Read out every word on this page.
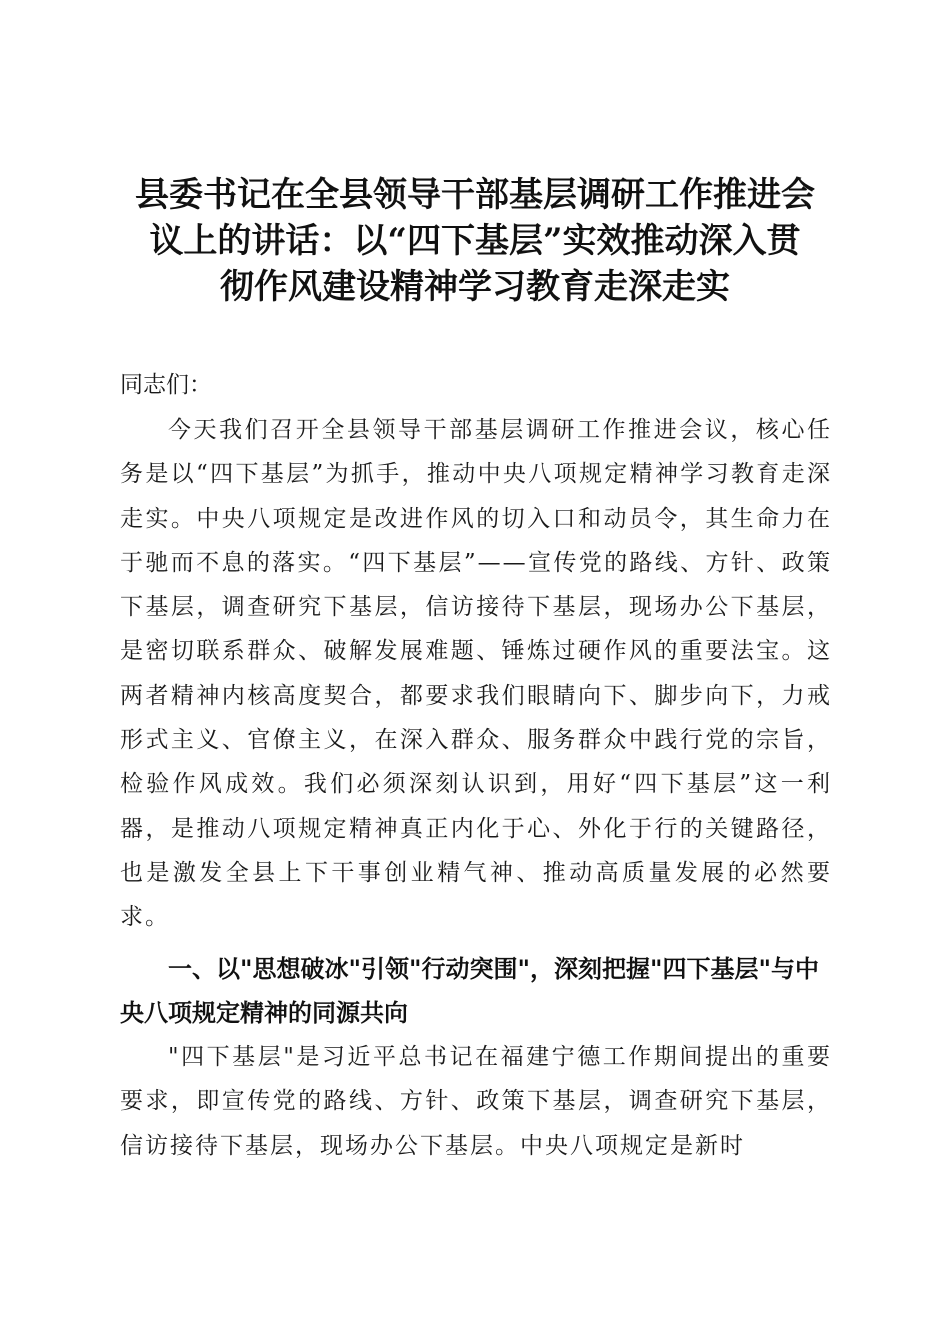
县委书记在全县领导干部基层调研工作推进会
议上的讲话：以“四下基层”实效推动深入贯
彻作风建设精神学习教育走深走实

同志们：

今天我们召开全县领导干部基层调研工作推进会议，核心任务是以“四下基层”为抓手，推动中央八项规定精神学习教育走深走实。中央八项规定是改进作风的切入口和动员令，其生命力在于驰而不息的落实。“四下基层”——宣传党的路线、方针、政策下基层，调查研究下基层，信访接待下基层，现场办公下基层，是密切联系群众、破解发展难题、锤炼过硬作风的重要法宝。这两者精神内核高度契合，都要求我们眼睛向下、脚步向下，力戒形式主义、官僚主义，在深入群众、服务群众中践行党的宗旨，检验作风成效。我们必须深刻认识到，用好“四下基层”这一利器，是推动八项规定精神真正内化于心、外化于行的关键路径，也是激发全县上下干事创业精气神、推动高质量发展的必然要求。

一、以"思想破冰"引领"行动突围"，深刻把握"四下基层"与中央八项规定精神的同源共向

"四下基层"是习近平总书记在福建宁德工作期间提出的重要要求，即宣传党的路线、方针、政策下基层，调查研究下基层，信访接待下基层，现场办公下基层。中央八项规定是新时
